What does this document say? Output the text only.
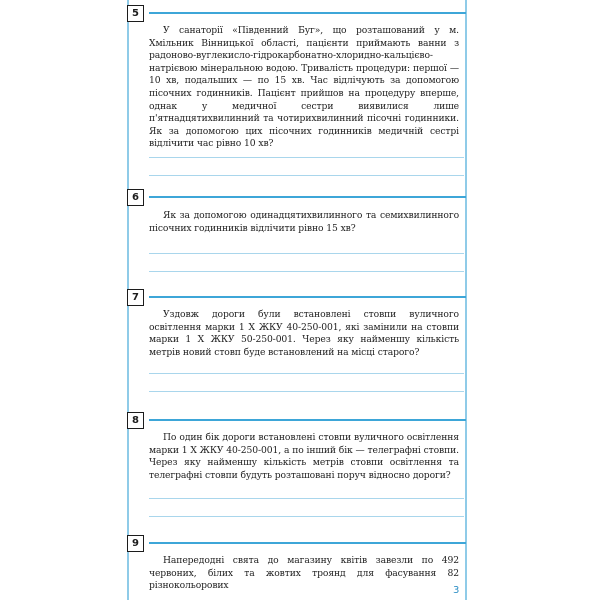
5

У санаторії «Південний Буг», що розташований у м. Хмільник Вінницької області, пацієнти приймають ванни з радоново-вуглекисло-гідрокарбонатно-хлоридно-кальцієво-натрієвою мінеральною водою. Тривалість процедури: першої — 10 хв, подальших — по 15 хв. Час відлічують за допомогою пісочних годинників. Пацієнт прийшов на процедуру вперше, однак у медичної сестри виявилися лише п'ятнадцятихвилинний та чотирихвилинний пісочні годинники. Як за допомогою цих пісочних годинників медичній сестрі відлічити час рівно 10 хв?

6

Як за допомогою одинадцятихвилинного та семихвилинного пісочних годинників відлічити рівно 15 хв?

7

Уздовж дороги були встановлені стовпи вуличного освітлення марки 1 Х ЖКУ 40-250-001, які замінили на стовпи марки 1 Х ЖКУ 50-250-001. Через яку найменшу кількість метрів новий стовп буде встановлений на місці старого?

8

По один бік дороги встановлені стовпи вуличного освітлення марки 1 Х ЖКУ 40-250-001, а по інший бік — телеграфні стовпи. Через яку найменшу кількість метрів стовпи освітлення та телеграфні стовпи будуть розташовані поруч відносно дороги?

9

Напередодні свята до магазину квітів завезли по 492 червоних, білих та жовтих троянд для фасування 82 різнокольорових	3
